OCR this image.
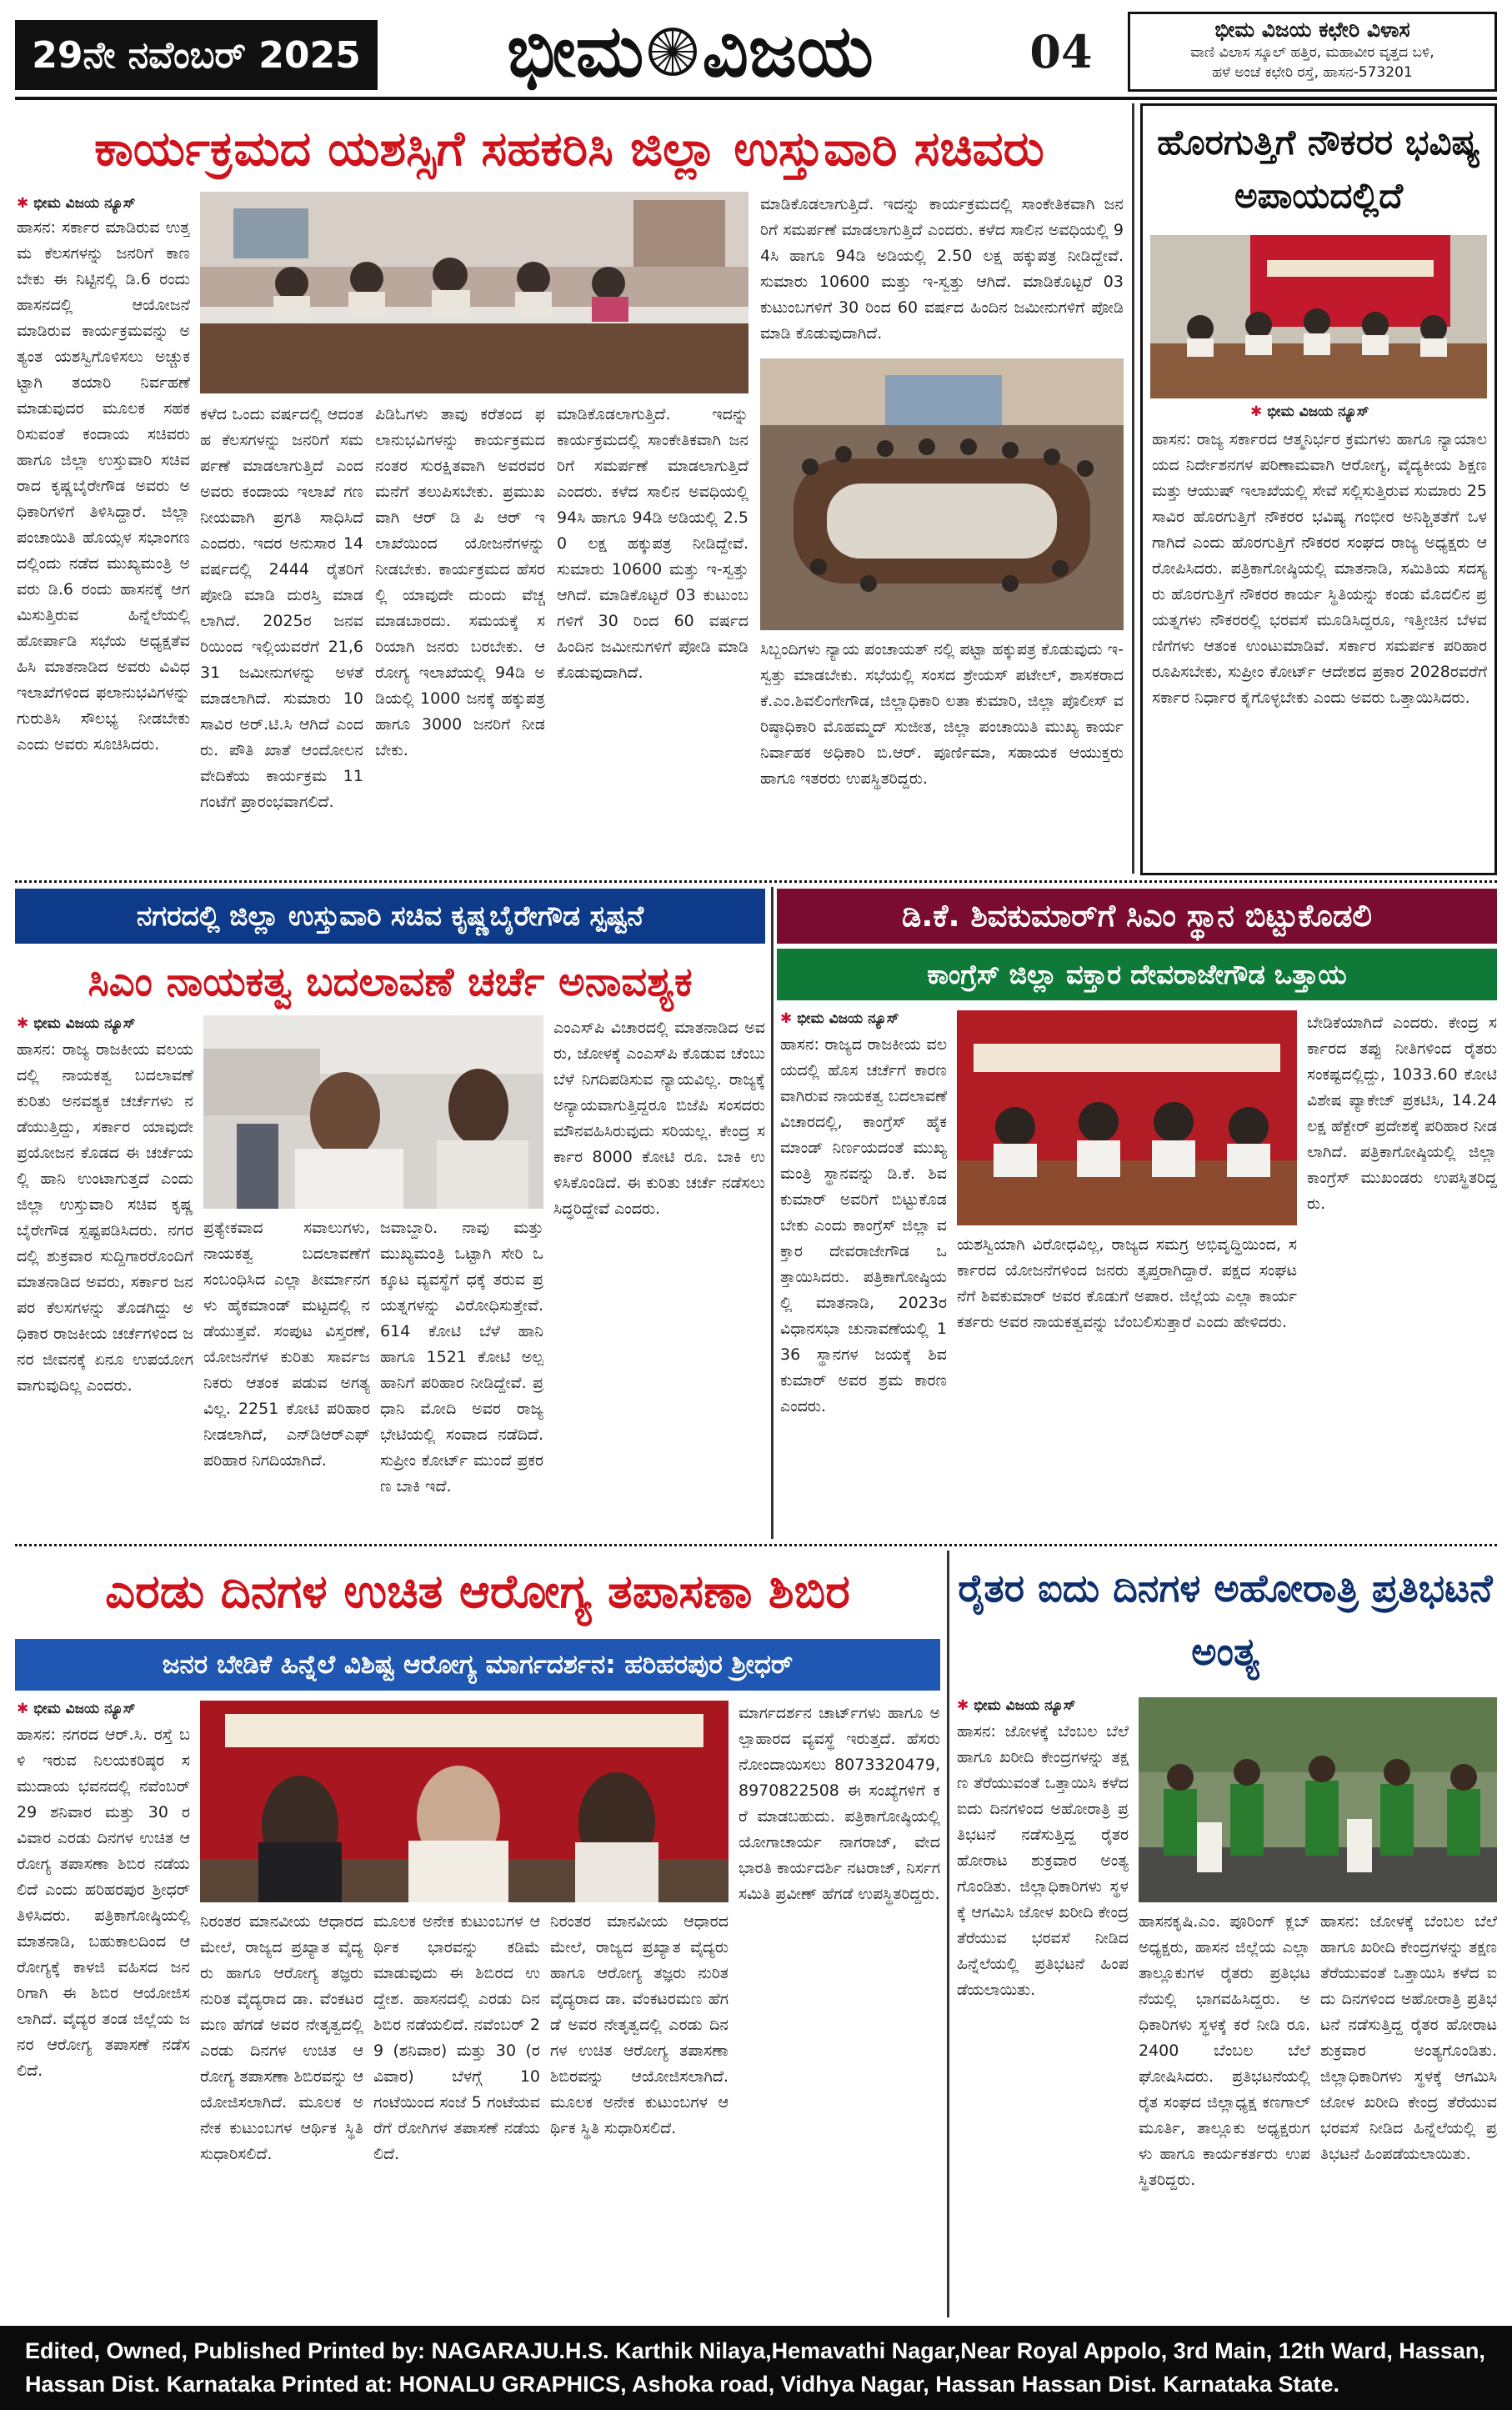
29ನೇ ನವೆಂಬರ್ 2025 ಭೀಮ ವಿಜಯ	04	ಭೀಮ ವಿಜಯ ಕಛೇರಿ ವಿಳಾಸ
ವಾಣಿ ವಿಲಾಸ ಸ್ಕೂಲ್ ಹತ್ತಿರ, ಮಹಾವೀರ ವೃತ್ತದ ಬಳಿ,
ಹಳೆ ಅಂಚೆ ಕಛೇರಿ ರಸ್ತೆ, ಹಾಸನ-573201
ಕಾರ್ಯಕ್ರಮದ ಯಶಸ್ಸಿಗೆ ಸಹಕರಿಸಿ ಜಿಲ್ಲಾ ಉಸ್ತುವಾರಿ ಸಚಿವರು
✱ ಭೀಮ ವಿಜಯ ನ್ಯೂಸ್
ಹಾಸನ: ಸರ್ಕಾರ ಮಾಡಿರುವ ಉತ್ತಮ ಕೆಲಸಗಳನ್ನು ಜನರಿಗೆ ಕಾಣಬೇಕು ಈ ನಿಟ್ಟಿನಲ್ಲಿ ಡಿ.6 ರಂದು ಹಾಸನದಲ್ಲಿ ಆಯೋಜನೆ ಮಾಡಿರುವ ಕಾರ್ಯಕ್ರಮವನ್ನು ಅತ್ಯಂತ ಯಶಸ್ವಿಗೊಳಿಸಲು ಅಚ್ಚುಕಟ್ಟಾಗಿ ತಯಾರಿ ನಿರ್ವಹಣೆ ಮಾಡುವುದರ ಮೂಲಕ ಸಹಕರಿಸುವಂತೆ ಕಂದಾಯ ಸಚಿವರು ಹಾಗೂ ಜಿಲ್ಲಾ ಉಸ್ತುವಾರಿ ಸಚಿವರಾದ ಕೃಷ್ಣಬೈರೇಗೌಡ ಅವರು ಅಧಿಕಾರಿಗಳಿಗೆ ತಿಳಿಸಿದ್ದಾರೆ. ಜಿಲ್ಲಾ ಪಂಚಾಯಿತಿ ಹೊಯ್ಸಳ ಸಭಾಂಗಣದಲ್ಲಿಂದು ನಡೆದ ಮುಖ್ಯಮಂತ್ರಿ ಅವರು ಡಿ.6 ರಂದು ಹಾಸನಕ್ಕೆ ಆಗಮಿಸುತ್ತಿರುವ ಹಿನ್ನೆಲೆಯಲ್ಲಿ ಹೋರ್ಪಾಡಿ ಸಭೆಯ ಅಧ್ಯಕ್ಷತೆವಹಿಸಿ ಮಾತನಾಡಿದ ಅವರು ವಿವಿಧ ಇಲಾಖೆಗಳಿಂದ ಫಲಾನುಭವಿಗಳನ್ನು ಗುರುತಿಸಿ ಸೌಲಭ್ಯ ನೀಡಬೇಕು ಎಂದು ಅವರು ಸೂಚಿಸಿದರು.
ಕಳೆದ ಒಂದು ವರ್ಷದಲ್ಲಿ ಆದಂತಹ ಕೆಲಸಗಳನ್ನು ಜನರಿಗೆ ಸಮರ್ಪಣೆ ಮಾಡಲಾಗುತ್ತಿದೆ ಎಂದ ಅವರು ಕಂದಾಯ ಇಲಾಖೆ ಗಣನೀಯವಾಗಿ ಪ್ರಗತಿ ಸಾಧಿಸಿದೆ ಎಂದರು. ಇದರ ಅನುಸಾರ 14 ವರ್ಷದಲ್ಲಿ 2444 ರೈತರಿಗೆ ಪೋಡಿ ಮಾಡಿ ದುರಸ್ತಿ ಮಾಡಲಾಗಿದೆ. 2025ರ ಜನವರಿಯಿಂದ ಇಲ್ಲಿಯವರೆಗೆ 21,631 ಜಮೀನುಗಳನ್ನು ಅಳತೆ ಮಾಡಲಾಗಿದೆ. ಸುಮಾರು 10 ಸಾವಿರ ಅರ್.ಟಿ.ಸಿ ಆಗಿದೆ ಎಂದರು. ಪೌತಿ ಖಾತೆ ಆಂದೋಲನ ವೇದಿಕೆಯ ಕಾರ್ಯಕ್ರಮ 11 ಗಂಟೆಗೆ ಪ್ರಾರಂಭವಾಗಲಿದೆ.
ಪಿಡಿಓಗಳು ತಾವು ಕರೆತಂದ ಫಲಾನುಭವಿಗಳನ್ನು ಕಾರ್ಯಕ್ರಮದ ನಂತರ ಸುರಕ್ಷಿತವಾಗಿ ಅವರವರ ಮನೆಗೆ ತಲುಪಿಸಬೇಕು. ಪ್ರಮುಖವಾಗಿ ಆರ್ ಡಿ ಪಿ ಆರ್ ಇಲಾಖೆಯಿಂದ ಯೋಜನೆಗಳನ್ನು ನೀಡಬೇಕು. ಕಾರ್ಯಕ್ರಮದ ಹೆಸರಲ್ಲಿ ಯಾವುದೇ ದುಂದು ವೆಚ್ಚ ಮಾಡಬಾರದು. ಸಮಯಕ್ಕೆ ಸರಿಯಾಗಿ ಜನರು ಬರಬೇಕು. ಆರೋಗ್ಯ ಇಲಾಖೆಯಲ್ಲಿ 94ಡಿ ಅಡಿಯಲ್ಲಿ 1000 ಜನಕ್ಕೆ ಹಕ್ಕುಪತ್ರ ಹಾಗೂ 3000 ಜನರಿಗೆ ನೀಡಬೇಕು.
ಮಾಡಿಕೊಡಲಾಗುತ್ತಿದೆ. ಇದನ್ನು ಕಾರ್ಯಕ್ರಮದಲ್ಲಿ ಸಾಂಕೇತಿಕವಾಗಿ ಜನರಿಗೆ ಸಮರ್ಪಣೆ ಮಾಡಲಾಗುತ್ತಿದೆ ಎಂದರು. ಕಳೆದ ಸಾಲಿನ ಅವಧಿಯಲ್ಲಿ 94ಸಿ ಹಾಗೂ 94ಡಿ ಅಡಿಯಲ್ಲಿ 2.50 ಲಕ್ಷ ಹಕ್ಕುಪತ್ರ ನೀಡಿದ್ದೇವೆ. ಸುಮಾರು 10600 ಮತ್ತು ಇ-ಸ್ವತ್ತು ಆಗಿದೆ. ಮಾಡಿಕೊಟ್ಟರೆ 03 ಕುಟುಂಬಗಳಿಗೆ 30 ರಿಂದ 60 ವರ್ಷದ ಹಿಂದಿನ ಜಮೀನುಗಳಿಗೆ ಪೋಡಿ ಮಾಡಿ ಕೊಡುವುದಾಗಿದೆ.
ಮಾಡಿಕೊಡಲಾಗುತ್ತಿದೆ. ಇದನ್ನು ಕಾರ್ಯಕ್ರಮದಲ್ಲಿ ಸಾಂಕೇತಿಕವಾಗಿ ಜನರಿಗೆ ಸಮರ್ಪಣೆ ಮಾಡಲಾಗುತ್ತಿದೆ ಎಂದರು. ಕಳೆದ ಸಾಲಿನ ಅವಧಿಯಲ್ಲಿ 94ಸಿ ಹಾಗೂ 94ಡಿ ಅಡಿಯಲ್ಲಿ 2.50 ಲಕ್ಷ ಹಕ್ಕುಪತ್ರ ನೀಡಿದ್ದೇವೆ. ಸುಮಾರು 10600 ಮತ್ತು ಇ-ಸ್ವತ್ತು ಆಗಿದೆ. ಮಾಡಿಕೊಟ್ಟರೆ 03 ಕುಟುಂಬಗಳಿಗೆ 30 ರಿಂದ 60 ವರ್ಷದ ಹಿಂದಿನ ಜಮೀನುಗಳಿಗೆ ಪೋಡಿ ಮಾಡಿ ಕೊಡುವುದಾಗಿದೆ.
ಸಿಬ್ಬಂದಿಗಳು ನ್ಯಾಯ ಪಂಚಾಯತ್ ನಲ್ಲಿ ಪಟ್ಟಾ ಹಕ್ಕುಪತ್ರ ಕೊಡುವುದು ಇ-ಸ್ವತ್ತು ಮಾಡಬೇಕು. ಸಭೆಯಲ್ಲಿ ಸಂಸದ ಶ್ರೇಯಸ್ ಪಟೇಲ್, ಶಾಸಕರಾದ ಕೆ.ಎಂ.ಶಿವಲಿಂಗೇಗೌಡ, ಜಿಲ್ಲಾಧಿಕಾರಿ ಲತಾ ಕುಮಾರಿ, ಜಿಲ್ಲಾ ಪೊಲೀಸ್ ವರಿಷ್ಠಾಧಿಕಾರಿ ಮೊಹಮ್ಮದ್ ಸುಜೀತ, ಜಿಲ್ಲಾ ಪಂಚಾಯಿತಿ ಮುಖ್ಯ ಕಾರ್ಯನಿರ್ವಾಹಕ ಅಧಿಕಾರಿ ಬಿ.ಆರ್. ಪೂರ್ಣಿಮಾ, ಸಹಾಯಕ ಆಯುಕ್ತರು ಹಾಗೂ ಇತರರು ಉಪಸ್ಥಿತರಿದ್ದರು.
ಹೊರಗುತ್ತಿಗೆ ನೌಕರರ ಭವಿಷ್ಯ ಅಪಾಯದಲ್ಲಿದೆ
✱ ಭೀಮ ವಿಜಯ ನ್ಯೂಸ್
ಹಾಸನ: ರಾಜ್ಯ ಸರ್ಕಾರದ ಆತ್ಮನಿರ್ಭರ ಕ್ರಮಗಳು ಹಾಗೂ ನ್ಯಾಯಾಲಯದ ನಿರ್ದೇಶನಗಳ ಪರಿಣಾಮವಾಗಿ ಆರೋಗ್ಯ, ವೈದ್ಯಕೀಯ ಶಿಕ್ಷಣ ಮತ್ತು ಆಯುಷ್ ಇಲಾಖೆಯಲ್ಲಿ ಸೇವೆ ಸಲ್ಲಿಸುತ್ತಿರುವ ಸುಮಾರು 25 ಸಾವಿರ ಹೊರಗುತ್ತಿಗೆ ನೌಕರರ ಭವಿಷ್ಯ ಗಂಭೀರ ಅನಿಶ್ಚಿತತೆಗೆ ಒಳಗಾಗಿದೆ ಎಂದು ಹೊರಗುತ್ತಿಗೆ ನೌಕರರ ಸಂಘದ ರಾಜ್ಯ ಅಧ್ಯಕ್ಷರು ಆರೋಪಿಸಿದರು. ಪತ್ರಿಕಾಗೋಷ್ಠಿಯಲ್ಲಿ ಮಾತನಾಡಿ, ಸಮಿತಿಯ ಸದಸ್ಯರು ಹೊರಗುತ್ತಿಗೆ ನೌಕರರ ಕಾರ್ಯ ಸ್ಥಿತಿಯನ್ನು ಕಂಡು ಮೊದಲಿನ ಪ್ರಯತ್ನಗಳು ನೌಕರರಲ್ಲಿ ಭರವಸೆ ಮೂಡಿಸಿದ್ದರೂ, ಇತ್ತೀಚಿನ ಬೆಳವಣಿಗೆಗಳು ಆತಂಕ ಉಂಟುಮಾಡಿವೆ. ಸರ್ಕಾರ ಸಮರ್ಪಕ ಪರಿಹಾರ ರೂಪಿಸಬೇಕು, ಸುಪ್ರೀಂ ಕೋರ್ಟ್ ಆದೇಶದ ಪ್ರಕಾರ 2028ರವರೆಗೆ ಸರ್ಕಾರ ನಿರ್ಧಾರ ಕೈಗೊಳ್ಳಬೇಕು ಎಂದು ಅವರು ಒತ್ತಾಯಿಸಿದರು.
ನಗರದಲ್ಲಿ ಜಿಲ್ಲಾ ಉಸ್ತುವಾರಿ ಸಚಿವ ಕೃಷ್ಣಬೈರೇಗೌಡ ಸ್ಪಷ್ಟನೆ
ಸಿಎಂ ನಾಯಕತ್ವ ಬದಲಾವಣೆ ಚರ್ಚೆ ಅನಾವಶ್ಯಕ
✱ ಭೀಮ ವಿಜಯ ನ್ಯೂಸ್
ಹಾಸನ: ರಾಜ್ಯ ರಾಜಕೀಯ ವಲಯದಲ್ಲಿ ನಾಯಕತ್ವ ಬದಲಾವಣೆ ಕುರಿತು ಅನವಶ್ಯಕ ಚರ್ಚೆಗಳು ನಡೆಯುತ್ತಿದ್ದು, ಸರ್ಕಾರ ಯಾವುದೇ ಪ್ರಯೋಜನ ಕೊಡದ ಈ ಚರ್ಚೆಯಲ್ಲಿ ಹಾನಿ ಉಂಟಾಗುತ್ತದೆ ಎಂದು ಜಿಲ್ಲಾ ಉಸ್ತುವಾರಿ ಸಚಿವ ಕೃಷ್ಣಬೈರೇಗೌಡ ಸ್ಪಷ್ಟಪಡಿಸಿದರು. ನಗರದಲ್ಲಿ ಶುಕ್ರವಾರ ಸುದ್ದಿಗಾರರೊಂದಿಗೆ ಮಾತನಾಡಿದ ಅವರು, ಸರ್ಕಾರ ಜನಪರ ಕೆಲಸಗಳನ್ನು ತೊಡಗಿದ್ದು ಅಧಿಕಾರ ರಾಜಕೀಯ ಚರ್ಚೆಗಳಿಂದ ಜನರ ಜೀವನಕ್ಕೆ ಏನೂ ಉಪಯೋಗವಾಗುವುದಿಲ್ಲ ಎಂದರು.
ಪ್ರತ್ಯೇಕವಾದ ಸವಾಲುಗಳು, ನಾಯಕತ್ವ ಬದಲಾವಣೆಗೆ ಸಂಬಂಧಿಸಿದ ಎಲ್ಲಾ ತೀರ್ಮಾನಗಳು ಹೈಕಮಾಂಡ್ ಮಟ್ಟದಲ್ಲಿ ನಡೆಯುತ್ತವೆ. ಸಂಪುಟ ವಿಸ್ತರಣೆ, ಯೋಜನೆಗಳ ಕುರಿತು ಸಾರ್ವಜನಿಕರು ಆತಂಕ ಪಡುವ ಅಗತ್ಯವಿಲ್ಲ. 2251 ಕೋಟಿ ಪರಿಹಾರ ನೀಡಲಾಗಿದೆ, ಎನ್‌ಡಿಆರ್‌ಎಫ್ ಪರಿಹಾರ ನಿಗದಿಯಾಗಿದೆ.
ಜವಾಬ್ದಾರಿ. ನಾವು ಮತ್ತು ಮುಖ್ಯಮಂತ್ರಿ ಒಟ್ಟಾಗಿ ಸೇರಿ ಒಕ್ಕೂಟ ವ್ಯವಸ್ಥೆಗೆ ಧಕ್ಕೆ ತರುವ ಪ್ರಯತ್ನಗಳನ್ನು ವಿರೋಧಿಸುತ್ತೇವೆ. 614 ಕೋಟಿ ಬೆಳೆ ಹಾನಿ ಹಾಗೂ 1521 ಕೋಟಿ ಅಲ್ಪ ಹಾನಿಗೆ ಪರಿಹಾರ ನೀಡಿದ್ದೇವೆ. ಪ್ರಧಾನಿ ಮೋದಿ ಅವರ ರಾಜ್ಯ ಭೇಟಿಯಲ್ಲಿ ಸಂವಾದ ನಡೆದಿದೆ. ಸುಪ್ರೀಂ ಕೋರ್ಟ್ ಮುಂದೆ ಪ್ರಕರಣ ಬಾಕಿ ಇದೆ.
ಎಂಎಸ್‌ಪಿ ವಿಚಾರದಲ್ಲಿ ಮಾತನಾಡಿದ ಅವರು, ಜೋಳಕ್ಕೆ ಎಂಎಸ್‌ಪಿ ಕೊಡುವ ಚೆಂಬು ಬೆಳೆ ನಿಗದಿಪಡಿಸುವ ನ್ಯಾಯವಿಲ್ಲ. ರಾಜ್ಯಕ್ಕೆ ಅನ್ಯಾಯವಾಗುತ್ತಿದ್ದರೂ ಬಿಜೆಪಿ ಸಂಸದರು ಮೌನವಹಿಸಿರುವುದು ಸರಿಯಲ್ಲ. ಕೇಂದ್ರ ಸರ್ಕಾರ 8000 ಕೋಟಿ ರೂ. ಬಾಕಿ ಉಳಿಸಿಕೊಂಡಿದೆ. ಈ ಕುರಿತು ಚರ್ಚೆ ನಡೆಸಲು ಸಿದ್ಧರಿದ್ದೇವೆ ಎಂದರು.
ಡಿ.ಕೆ. ಶಿವಕುಮಾರ್‌ಗೆ ಸಿಎಂ ಸ್ಥಾನ ಬಿಟ್ಟುಕೊಡಲಿ
ಕಾಂಗ್ರೆಸ್ ಜಿಲ್ಲಾ ವಕ್ತಾರ ದೇವರಾಜೇಗೌಡ ಒತ್ತಾಯ
✱ ಭೀಮ ವಿಜಯ ನ್ಯೂಸ್
ಹಾಸನ: ರಾಜ್ಯದ ರಾಜಕೀಯ ವಲಯದಲ್ಲಿ ಹೊಸ ಚರ್ಚೆಗೆ ಕಾರಣವಾಗಿರುವ ನಾಯಕತ್ವ ಬದಲಾವಣೆ ವಿಚಾರದಲ್ಲಿ, ಕಾಂಗ್ರೆಸ್ ಹೈಕಮಾಂಡ್ ನಿರ್ಣಯದಂತೆ ಮುಖ್ಯಮಂತ್ರಿ ಸ್ಥಾನವನ್ನು ಡಿ.ಕೆ. ಶಿವಕುಮಾರ್ ಅವರಿಗೆ ಬಿಟ್ಟುಕೊಡಬೇಕು ಎಂದು ಕಾಂಗ್ರೆಸ್ ಜಿಲ್ಲಾ ವಕ್ತಾರ ದೇವರಾಜೇಗೌಡ ಒತ್ತಾಯಿಸಿದರು. ಪತ್ರಿಕಾಗೋಷ್ಠಿಯಲ್ಲಿ ಮಾತನಾಡಿ, 2023ರ ವಿಧಾನಸಭಾ ಚುನಾವಣೆಯಲ್ಲಿ 136 ಸ್ಥಾನಗಳ ಜಯಕ್ಕೆ ಶಿವಕುಮಾರ್ ಅವರ ಶ್ರಮ ಕಾರಣ ಎಂದರು.
ಯಶಸ್ವಿಯಾಗಿ ವಿರೋಧವಿಲ್ಲ, ರಾಜ್ಯದ ಸಮಗ್ರ ಅಭಿವೃದ್ಧಿಯಿಂದ, ಸರ್ಕಾರದ ಯೋಜನೆಗಳಿಂದ ಜನರು ತೃಪ್ತರಾಗಿದ್ದಾರೆ. ಪಕ್ಷದ ಸಂಘಟನೆಗೆ ಶಿವಕುಮಾರ್ ಅವರ ಕೊಡುಗೆ ಅಪಾರ. ಜಿಲ್ಲೆಯ ಎಲ್ಲಾ ಕಾರ್ಯಕರ್ತರು ಅವರ ನಾಯಕತ್ವವನ್ನು ಬೆಂಬಲಿಸುತ್ತಾರೆ ಎಂದು ಹೇಳಿದರು.
ಬೇಡಿಕೆಯಾಗಿದೆ ಎಂದರು. ಕೇಂದ್ರ ಸರ್ಕಾರದ ತಪ್ಪು ನೀತಿಗಳಿಂದ ರೈತರು ಸಂಕಷ್ಟದಲ್ಲಿದ್ದು, 1033.60 ಕೋಟಿ ವಿಶೇಷ ಪ್ಯಾಕೇಜ್ ಪ್ರಕಟಿಸಿ, 14.24 ಲಕ್ಷ ಹೆಕ್ಟೇರ್ ಪ್ರದೇಶಕ್ಕೆ ಪರಿಹಾರ ನೀಡಲಾಗಿದೆ. ಪತ್ರಿಕಾಗೋಷ್ಠಿಯಲ್ಲಿ ಜಿಲ್ಲಾ ಕಾಂಗ್ರೆಸ್ ಮುಖಂಡರು ಉಪಸ್ಥಿತರಿದ್ದರು.
ಎರಡು ದಿನಗಳ ಉಚಿತ ಆರೋಗ್ಯ ತಪಾಸಣಾ ಶಿಬಿರ
ಜನರ ಬೇಡಿಕೆ ಹಿನ್ನೆಲೆ ವಿಶಿಷ್ಟ ಆರೋಗ್ಯ ಮಾರ್ಗದರ್ಶನ: ಹರಿಹರಪುರ ಶ್ರೀಧರ್
✱ ಭೀಮ ವಿಜಯ ನ್ಯೂಸ್
ಹಾಸನ: ನಗರದ ಆರ್.ಸಿ. ರಸ್ತೆ ಬಳಿ ಇರುವ ನಿಲಯಕರಿಷ್ಠರ ಸಮುದಾಯ ಭವನದಲ್ಲಿ ನವೆಂಬರ್ 29 ಶನಿವಾರ ಮತ್ತು 30 ರವಿವಾರ ಎರಡು ದಿನಗಳ ಉಚಿತ ಆರೋಗ್ಯ ತಪಾಸಣಾ ಶಿಬಿರ ನಡೆಯಲಿದೆ ಎಂದು ಹರಿಹರಪುರ ಶ್ರೀಧರ್ ತಿಳಿಸಿದರು. ಪತ್ರಿಕಾಗೋಷ್ಠಿಯಲ್ಲಿ ಮಾತನಾಡಿ, ಬಹುಕಾಲದಿಂದ ಆರೋಗ್ಯಕ್ಕೆ ಕಾಳಜಿ ವಹಿಸದ ಜನರಿಗಾಗಿ ಈ ಶಿಬಿರ ಆಯೋಜಿಸಲಾಗಿದೆ. ವೈದ್ಯರ ತಂಡ ಜಿಲ್ಲೆಯ ಜನರ ಆರೋಗ್ಯ ತಪಾಸಣೆ ನಡೆಸಲಿದೆ.
ನಿರಂತರ ಮಾನವೀಯ ಆಧಾರದ ಮೇಲೆ, ರಾಜ್ಯದ ಪ್ರಖ್ಯಾತ ವೈದ್ಯರು ಹಾಗೂ ಆರೋಗ್ಯ ತಜ್ಞರು ನುರಿತ ವೈದ್ಯರಾದ ಡಾ. ವೆಂಕಟರಮಣ ಹೆಗಡೆ ಅವರ ನೇತೃತ್ವದಲ್ಲಿ ಎರಡು ದಿನಗಳ ಉಚಿತ ಆರೋಗ್ಯ ತಪಾಸಣಾ ಶಿಬಿರವನ್ನು ಆಯೋಜಿಸಲಾಗಿದೆ. ಮೂಲಕ ಅನೇಕ ಕುಟುಂಬಗಳ ಆರ್ಥಿಕ ಸ್ಥಿತಿ ಸುಧಾರಿಸಲಿದೆ.
ಮೂಲಕ ಅನೇಕ ಕುಟುಂಬಗಳ ಆರ್ಥಿಕ ಭಾರವನ್ನು ಕಡಿಮೆ ಮಾಡುವುದು ಈ ಶಿಬಿರದ ಉದ್ದೇಶ. ಹಾಸನದಲ್ಲಿ ಎರಡು ದಿನ ಶಿಬಿರ ನಡೆಯಲಿದೆ. ನವೆಂಬರ್ 29 (ಶನಿವಾರ) ಮತ್ತು 30 (ರವಿವಾರ) ಬೆಳಗ್ಗೆ 10 ಗಂಟೆಯಿಂದ ಸಂಜೆ 5 ಗಂಟೆಯವರೆಗೆ ರೋಗಿಗಳ ತಪಾಸಣೆ ನಡೆಯಲಿದೆ.
ನಿರಂತರ ಮಾನವೀಯ ಆಧಾರದ ಮೇಲೆ, ರಾಜ್ಯದ ಪ್ರಖ್ಯಾತ ವೈದ್ಯರು ಹಾಗೂ ಆರೋಗ್ಯ ತಜ್ಞರು ನುರಿತ ವೈದ್ಯರಾದ ಡಾ. ವೆಂಕಟರಮಣ ಹೆಗಡೆ ಅವರ ನೇತೃತ್ವದಲ್ಲಿ ಎರಡು ದಿನಗಳ ಉಚಿತ ಆರೋಗ್ಯ ತಪಾಸಣಾ ಶಿಬಿರವನ್ನು ಆಯೋಜಿಸಲಾಗಿದೆ. ಮೂಲಕ ಅನೇಕ ಕುಟುಂಬಗಳ ಆರ್ಥಿಕ ಸ್ಥಿತಿ ಸುಧಾರಿಸಲಿದೆ.
ಮಾರ್ಗದರ್ಶನ ಚಾರ್ಟ್‌ಗಳು ಹಾಗೂ ಅಲ್ಪಾಹಾರದ ವ್ಯವಸ್ಥೆ ಇರುತ್ತದೆ. ಹೆಸರು ನೋಂದಾಯಿಸಲು 8073320479, 8970822508 ಈ ಸಂಖ್ಯೆಗಳಿಗೆ ಕರೆ ಮಾಡಬಹುದು. ಪತ್ರಿಕಾಗೋಷ್ಠಿಯಲ್ಲಿ ಯೋಗಾಚಾರ್ಯ ನಾಗರಾಜ್, ವೇದ ಭಾರತಿ ಕಾರ್ಯದರ್ಶಿ ನಟರಾಜ್, ನಿರ್ಸಗ ಸಮಿತಿ ಪ್ರವೀಣ್ ಹೆಗಡೆ ಉಪಸ್ಥಿತರಿದ್ದರು.
ರೈತರ ಐದು ದಿನಗಳ ಅಹೋರಾತ್ರಿ ಪ್ರತಿಭಟನೆ ಅಂತ್ಯ
✱ ಭೀಮ ವಿಜಯ ನ್ಯೂಸ್
ಹಾಸನ: ಜೋಳಕ್ಕೆ ಬೆಂಬಲ ಬೆಲೆ ಹಾಗೂ ಖರೀದಿ ಕೇಂದ್ರಗಳನ್ನು ತಕ್ಷಣ ತೆರೆಯುವಂತೆ ಒತ್ತಾಯಿಸಿ ಕಳೆದ ಐದು ದಿನಗಳಿಂದ ಅಹೋರಾತ್ರಿ ಪ್ರತಿಭಟನೆ ನಡೆಸುತ್ತಿದ್ದ ರೈತರ ಹೋರಾಟ ಶುಕ್ರವಾರ ಅಂತ್ಯಗೊಂಡಿತು. ಜಿಲ್ಲಾಧಿಕಾರಿಗಳು ಸ್ಥಳಕ್ಕೆ ಆಗಮಿಸಿ ಜೋಳ ಖರೀದಿ ಕೇಂದ್ರ ತೆರೆಯುವ ಭರವಸೆ ನೀಡಿದ ಹಿನ್ನೆಲೆಯಲ್ಲಿ ಪ್ರತಿಭಟನೆ ಹಿಂಪಡೆಯಲಾಯಿತು.
ಹಾಸನಕೃಷಿ.ಎಂ. ಪೂರಿಂಗ್ ಕ್ಲಬ್ ಅಧ್ಯಕ್ಷರು, ಹಾಸನ ಜಿಲ್ಲೆಯ ಎಲ್ಲಾ ತಾಲ್ಲೂಕುಗಳ ರೈತರು ಪ್ರತಿಭಟನೆಯಲ್ಲಿ ಭಾಗವಹಿಸಿದ್ದರು. ಅಧಿಕಾರಿಗಳು ಸ್ಥಳಕ್ಕೆ ಕರೆ ನೀಡಿ ರೂ.2400 ಬೆಂಬಲ ಬೆಲೆ ಘೋಷಿಸಿದರು. ಪ್ರತಿಭಟನೆಯಲ್ಲಿ ರೈತ ಸಂಘದ ಜಿಲ್ಲಾಧ್ಯಕ್ಷ ಕಣಗಾಲ್ ಮೂರ್ತಿ, ತಾಲ್ಲೂಕು ಅಧ್ಯಕ್ಷರುಗಳು ಹಾಗೂ ಕಾರ್ಯಕರ್ತರು ಉಪಸ್ಥಿತರಿದ್ದರು.
ಹಾಸನ: ಜೋಳಕ್ಕೆ ಬೆಂಬಲ ಬೆಲೆ ಹಾಗೂ ಖರೀದಿ ಕೇಂದ್ರಗಳನ್ನು ತಕ್ಷಣ ತೆರೆಯುವಂತೆ ಒತ್ತಾಯಿಸಿ ಕಳೆದ ಐದು ದಿನಗಳಿಂದ ಅಹೋರಾತ್ರಿ ಪ್ರತಿಭಟನೆ ನಡೆಸುತ್ತಿದ್ದ ರೈತರ ಹೋರಾಟ ಶುಕ್ರವಾರ ಅಂತ್ಯಗೊಂಡಿತು. ಜಿಲ್ಲಾಧಿಕಾರಿಗಳು ಸ್ಥಳಕ್ಕೆ ಆಗಮಿಸಿ ಜೋಳ ಖರೀದಿ ಕೇಂದ್ರ ತೆರೆಯುವ ಭರವಸೆ ನೀಡಿದ ಹಿನ್ನೆಲೆಯಲ್ಲಿ ಪ್ರತಿಭಟನೆ ಹಿಂಪಡೆಯಲಾಯಿತು.
Edited, Owned, Published Printed by: NAGARAJU.H.S. Karthik Nilaya,Hemavathi Nagar,Near Royal Appolo, 3rd Main, 12th Ward, Hassan,
Hassan Dist. Karnataka Printed at: HONALU GRAPHICS, Ashoka road, Vidhya Nagar, Hassan Hassan Dist. Karnataka State.
